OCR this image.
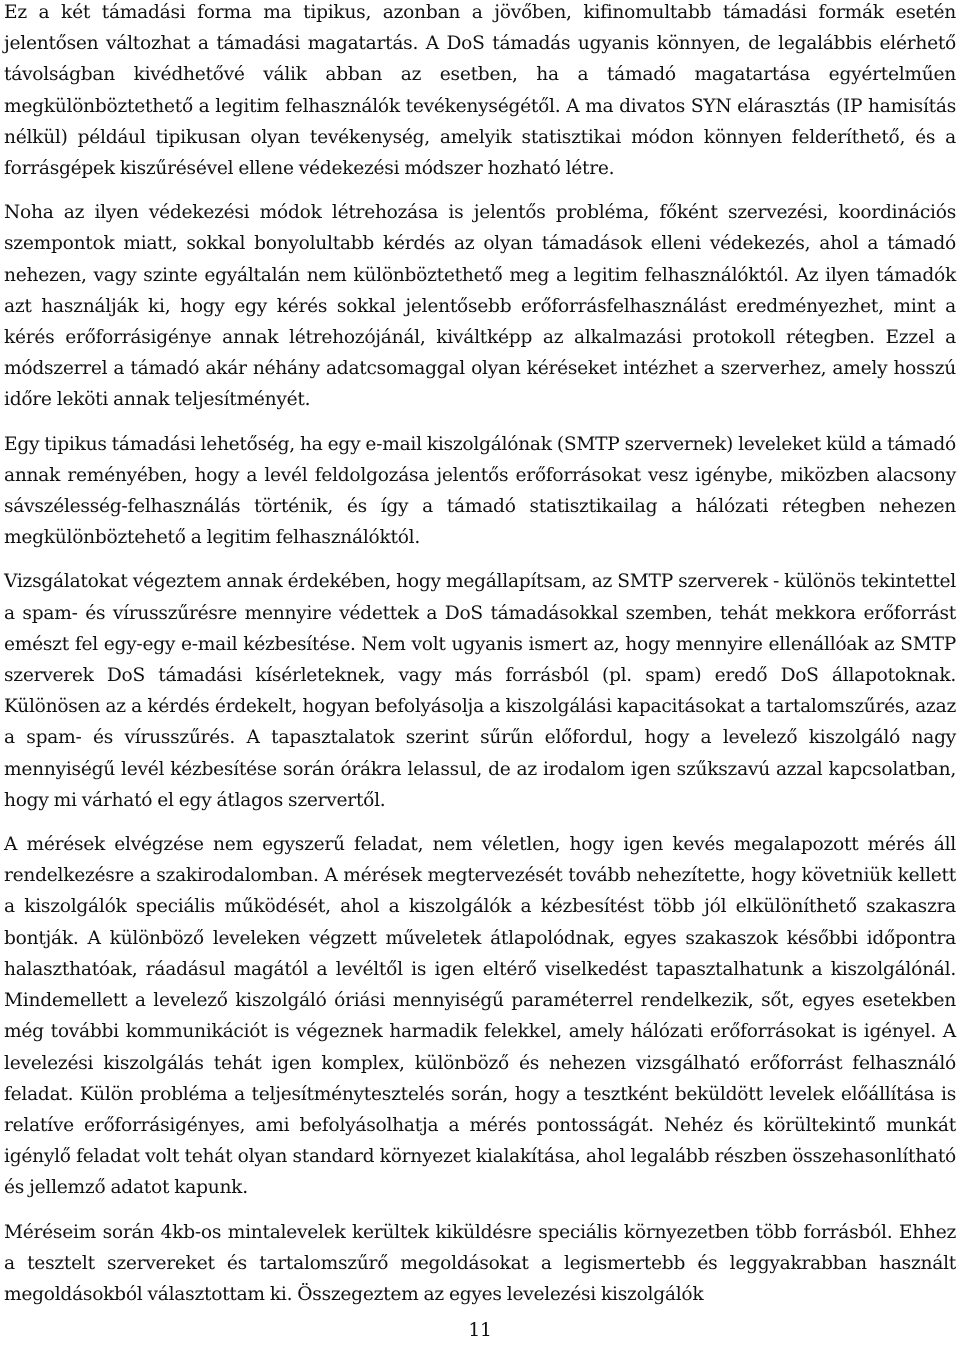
Ez a két támadási forma ma tipikus, azonban a jövőben, kifinomultabb támadási formák esetén jelentősen változhat a támadási magatartás. A DoS támadás ugyanis könnyen, de legalábbis elérhető távolságban kivédhetővé válik abban az esetben, ha a támadó magatartása egyértelműen megkülönböztethető a legitim felhasználók tevékenységétől. A ma divatos SYN elárasztás (IP hamisítás nélkül) például tipikusan olyan tevékenység, amelyik statisztikai módon könnyen felderíthető, és a forrásgépek kiszűrésével ellene védekezési módszer hozható létre.

Noha az ilyen védekezési módok létrehozása is jelentős probléma, főként szervezési, koordinációs szempontok miatt, sokkal bonyolultabb kérdés az olyan támadások elleni védekezés, ahol a támadó nehezen, vagy szinte egyáltalán nem különböztethető meg a legitim felhasználóktól. Az ilyen támadók azt használják ki, hogy egy kérés sokkal jelentősebb erőforrásfelhasználást eredményezhet, mint a kérés erőforrásigénye annak létrehozójánál, kiváltképp az alkalmazási protokoll rétegben. Ezzel a módszerrel a támadó akár néhány adatcsomaggal olyan kéréseket intézhet a szerverhez, amely hosszú időre leköti annak teljesítményét.

Egy tipikus támadási lehetőség, ha egy e-mail kiszolgálónak (SMTP szervernek) leveleket küld a támadó annak reményében, hogy a levél feldolgozása jelentős erőforrásokat vesz igénybe, miközben alacsony sávszélesség-felhasználás történik, és így a támadó statisztikailag a hálózati rétegben nehezen megkülönböztehető a legitim felhasználóktól.

Vizsgálatokat végeztem annak érdekében, hogy megállapítsam, az SMTP szerverek - különös tekintettel a spam- és vírusszűrésre mennyire védettek a DoS támadásokkal szemben, tehát mekkora erőforrást emészt fel egy-egy e-mail kézbesítése. Nem volt ugyanis ismert az, hogy mennyire ellenállóak az SMTP szerverek DoS támadási kísérleteknek, vagy más forrásból (pl. spam) eredő DoS állapotoknak. Különösen az a kérdés érdekelt, hogyan befolyásolja a kiszolgálási kapacitásokat a tartalomszűrés, azaz a spam- és vírusszűrés. A tapasztalatok szerint sűrűn előfordul, hogy a levelező kiszolgáló nagy mennyiségű levél kézbesítése során órákra lelassul, de az irodalom igen szűkszavú azzal kapcsolatban, hogy mi várható el egy átlagos szervertől.

A mérések elvégzése nem egyszerű feladat, nem véletlen, hogy igen kevés megalapozott mérés áll rendelkezésre a szakirodalomban. A mérések megtervezését tovább nehezítette, hogy követniük kellett a kiszolgálók speciális működését, ahol a kiszolgálók a kézbesítést több jól elkülöníthető szakaszra bontják. A különböző leveleken végzett műveletek átlapolódnak, egyes szakaszok későbbi időpontra halaszthatóak, ráadásul magától a levéltől is igen eltérő viselkedést tapasztalhatunk a kiszolgálónál. Mindemellett a levelező kiszolgáló óriási mennyiségű paraméterrel rendelkezik, sőt, egyes esetekben még további kommunikációt is végeznek harmadik felekkel, amely hálózati erőforrásokat is igényel. A levelezési kiszolgálás tehát igen komplex, különböző és nehezen vizsgálható erőforrást felhasználó feladat. Külön probléma a teljesítménytesztelés során, hogy a tesztként beküldött levelek előállítása is relatíve erőforrásigényes, ami befolyásolhatja a mérés pontosságát. Nehéz és körültekintő munkát igénylő feladat volt tehát olyan standard környezet kialakítása, ahol legalább részben összehasonlítható és jellemző adatot kapunk.

Méréseim során 4kb-os mintalevelek kerültek kiküldésre speciális környezetben több forrásból. Ehhez a tesztelt szervereket és tartalomszűrő megoldásokat a legismertebb és leggyakrabban használt megoldásokból választottam ki. Összegeztem az egyes levelezési kiszolgálók

11
